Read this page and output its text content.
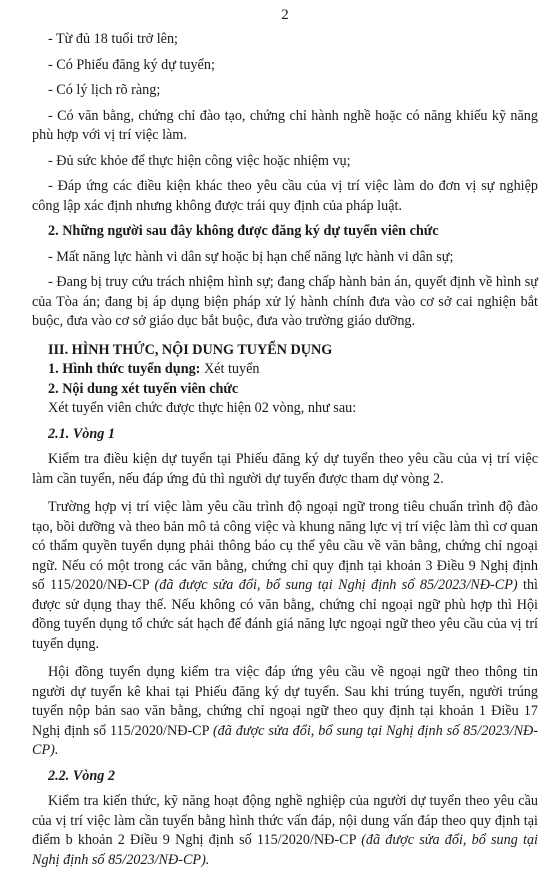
2

- Từ đủ 18 tuổi trở lên;

- Có Phiếu đăng ký dự tuyển;

- Có lý lịch rõ ràng;

- Có văn bằng, chứng chỉ đào tạo, chứng chỉ hành nghề hoặc có năng khiếu kỹ năng phù hợp với vị trí việc làm.

- Đủ sức khỏe để thực hiện công việc hoặc nhiệm vụ;

- Đáp ứng các điều kiện khác theo yêu cầu của vị trí việc làm do đơn vị sự nghiệp công lập xác định nhưng không được trái quy định của pháp luật.

2. Những người sau đây không được đăng ký dự tuyển viên chức

- Mất năng lực hành vi dân sự hoặc bị hạn chế năng lực hành vi dân sự;

- Đang bị truy cứu trách nhiệm hình sự; đang chấp hành bản án, quyết định về hình sự của Tòa án; đang bị áp dụng biện pháp xử lý hành chính đưa vào cơ sở cai nghiện bắt buộc, đưa vào cơ sở giáo dục bắt buộc, đưa vào trường giáo dưỡng.

III. HÌNH THỨC, NỘI DUNG TUYỂN DỤNG

1. Hình thức tuyển dụng: Xét tuyển

2. Nội dung xét tuyển viên chức

Xét tuyển viên chức được thực hiện 02 vòng, như sau:

2.1. Vòng 1

Kiểm tra điều kiện dự tuyển tại Phiếu đăng ký dự tuyển theo yêu cầu của vị trí việc làm cần tuyển, nếu đáp ứng đủ thì người dự tuyển được tham dự vòng 2.

Trường hợp vị trí việc làm yêu cầu trình độ ngoại ngữ trong tiêu chuẩn trình độ đào tạo, bồi dưỡng và theo bản mô tả công việc và khung năng lực vị trí việc làm thì cơ quan có thẩm quyền tuyển dụng phải thông báo cụ thể yêu cầu về văn bằng, chứng chỉ ngoại ngữ. Nếu có một trong các văn bằng, chứng chỉ quy định tại khoản 3 Điều 9 Nghị định số 115/2020/NĐ-CP (đã được sửa đổi, bổ sung tại Nghị định số 85/2023/NĐ-CP) thì được sử dụng thay thế. Nếu không có văn bằng, chứng chỉ ngoại ngữ phù hợp thì Hội đồng tuyển dụng tổ chức sát hạch để đánh giá năng lực ngoại ngữ theo yêu cầu của vị trí tuyển dụng.

Hội đồng tuyển dụng kiểm tra việc đáp ứng yêu cầu về ngoại ngữ theo thông tin người dự tuyển kê khai tại Phiếu đăng ký dự tuyển. Sau khi trúng tuyển, người trúng tuyển nộp bản sao văn bằng, chứng chỉ ngoại ngữ theo quy định tại khoản 1 Điều 17 Nghị định số 115/2020/NĐ-CP (đã được sửa đổi, bổ sung tại Nghị định số 85/2023/NĐ-CP).

2.2. Vòng 2

Kiểm tra kiến thức, kỹ năng hoạt động nghề nghiệp của người dự tuyển theo yêu cầu của vị trí việc làm cần tuyển bằng hình thức vấn đáp, nội dung vấn đáp theo quy định tại điểm b khoản 2 Điều 9 Nghị định số 115/2020/NĐ-CP (đã được sửa đổi, bổ sung tại Nghị định số 85/2023/NĐ-CP).
